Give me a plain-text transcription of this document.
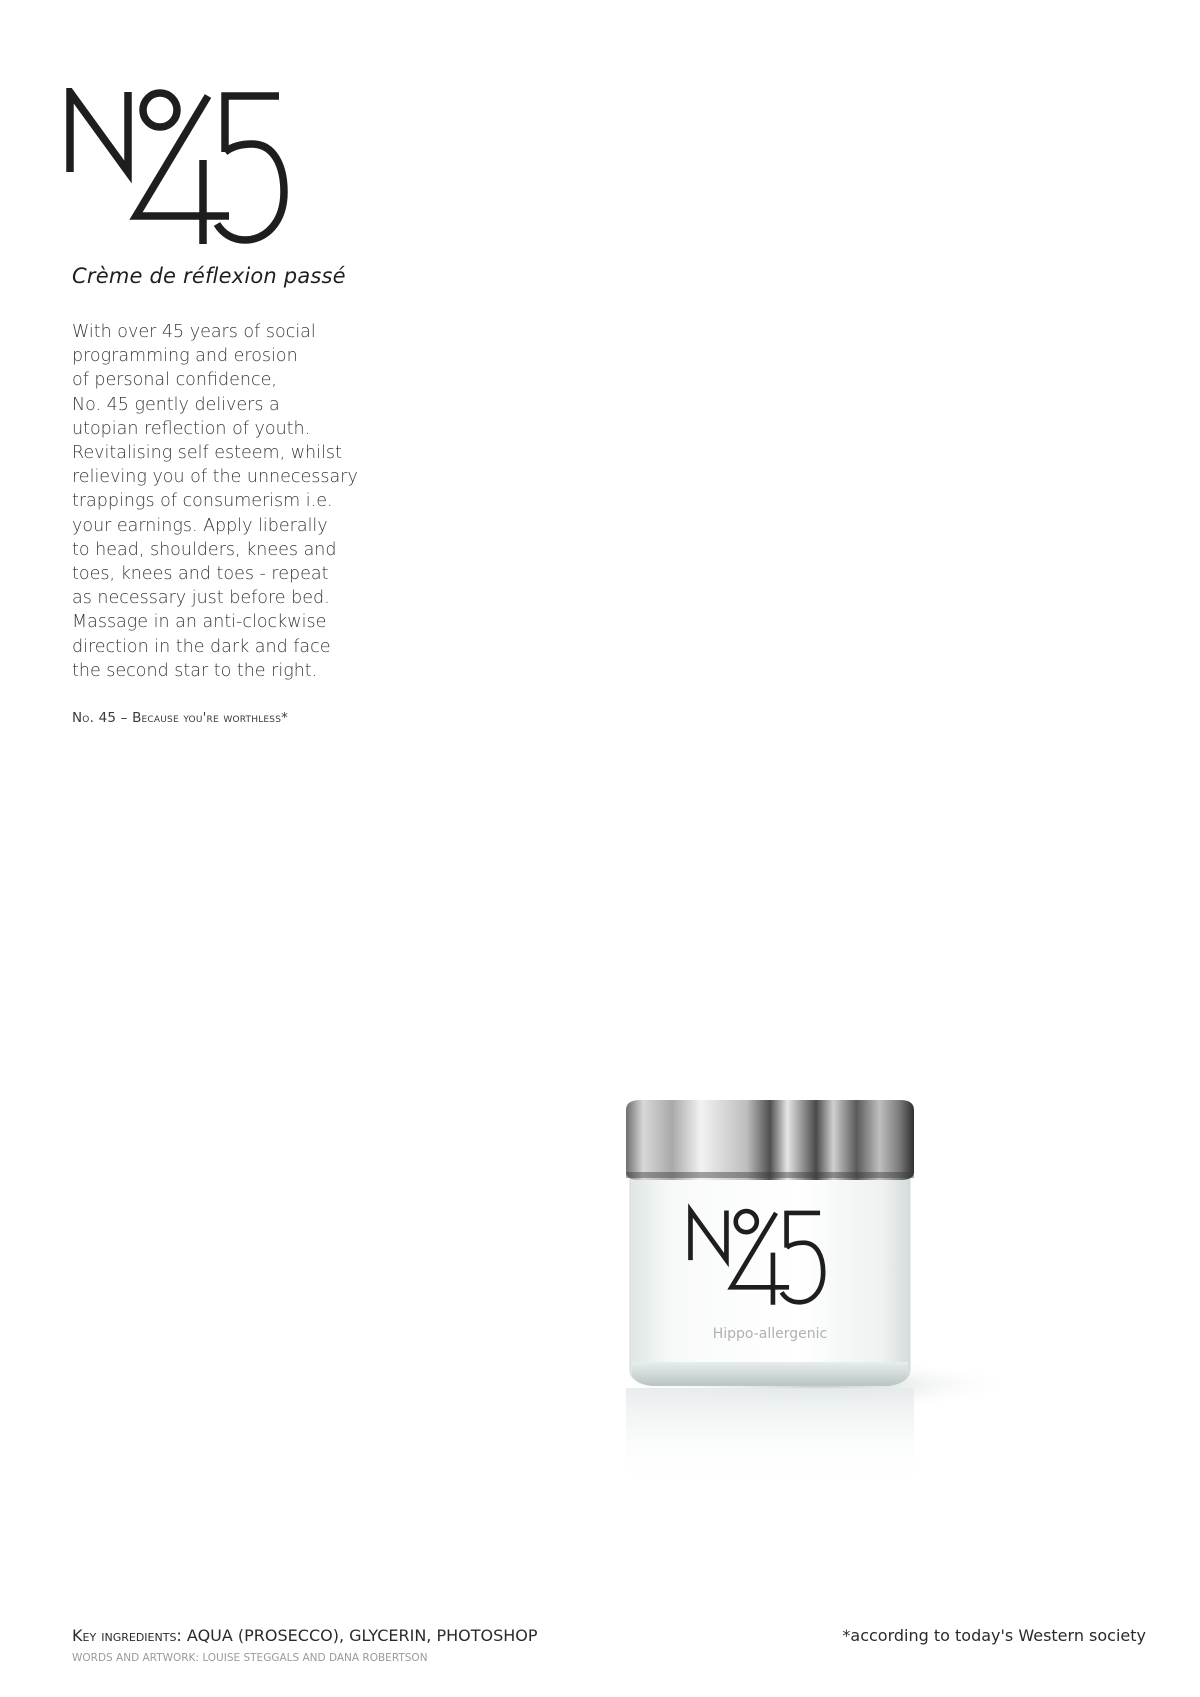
Crème de réflexion passé

With over 45 years of social
programming and erosion
of personal confidence,
No. 45 gently delivers a
utopian reflection of youth.
Revitalising self esteem, whilst
relieving you of the unnecessary
trappings of consumerism i.e.
your earnings. Apply liberally
to head, shoulders, knees and
toes, knees and toes - repeat
as necessary just before bed.
Massage in an anti-clockwise
direction in the dark and face
the second star to the right.

No. 45 – Because you're worthless*

Hippo-allergenic

Key ingredients: AQUA (PROSECCO), GLYCERIN, PHOTOSHOP

WORDS AND ARTWORK: LOUISE STEGGALS AND DANA ROBERTSON

*according to today's Western society
